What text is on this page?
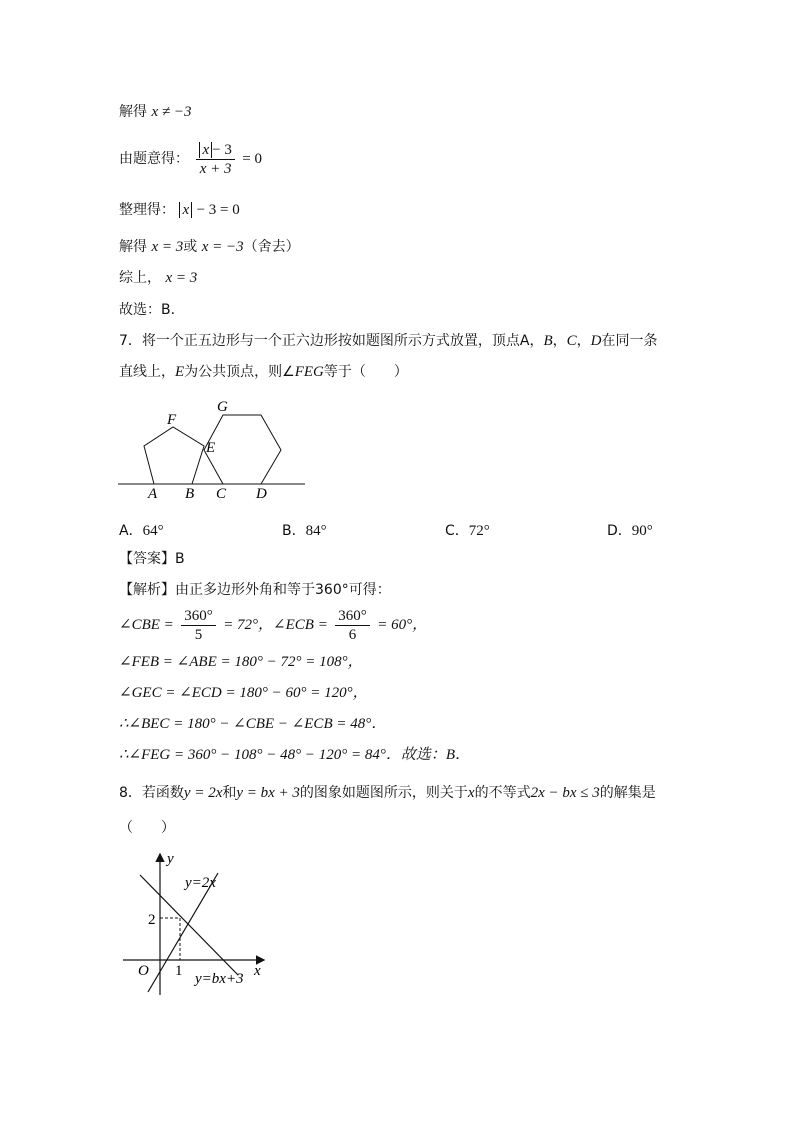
解得 x ≠ −3
由题意得： $\frac{x - 3}{x + 3} = 0$
整理得： x − 3 = 0
解得 x = 3或 x = −3（舍去）
综上， x = 3
故选：B．
7．将一个正五边形与一个正六边形按如题图所示方式放置，顶点A，B，C，D在同一条
直线上，E为公共顶点，则∠FEG等于（　　）
F
G
E
A B C D
A．64°	B．84°	C．72°	D．90°
【答案】B
【解析】由正多边形外角和等于360°可得：
∠CBE = $\frac{360^\circ}{5} = 72^\circ$，∠ECB = $\frac{360^\circ}{6} = 60^\circ$，
∠FEB = ∠ABE = 180° − 72° = 108°，
∠GEC = ∠ECD = 180° − 60° = 120°，
∴∠BEC = 180° − ∠CBE − ∠ECB = 48°．
∴∠FEG = 360° − 108° − 48° − 120° = 84°．故选：B．
8．若函数y = 2x和y = bx + 3的图象如题图所示，则关于x的不等式2x − bx ≤ 3的解集是
（　　）
y
x
O
2
1
y=2x
y=bx+3
